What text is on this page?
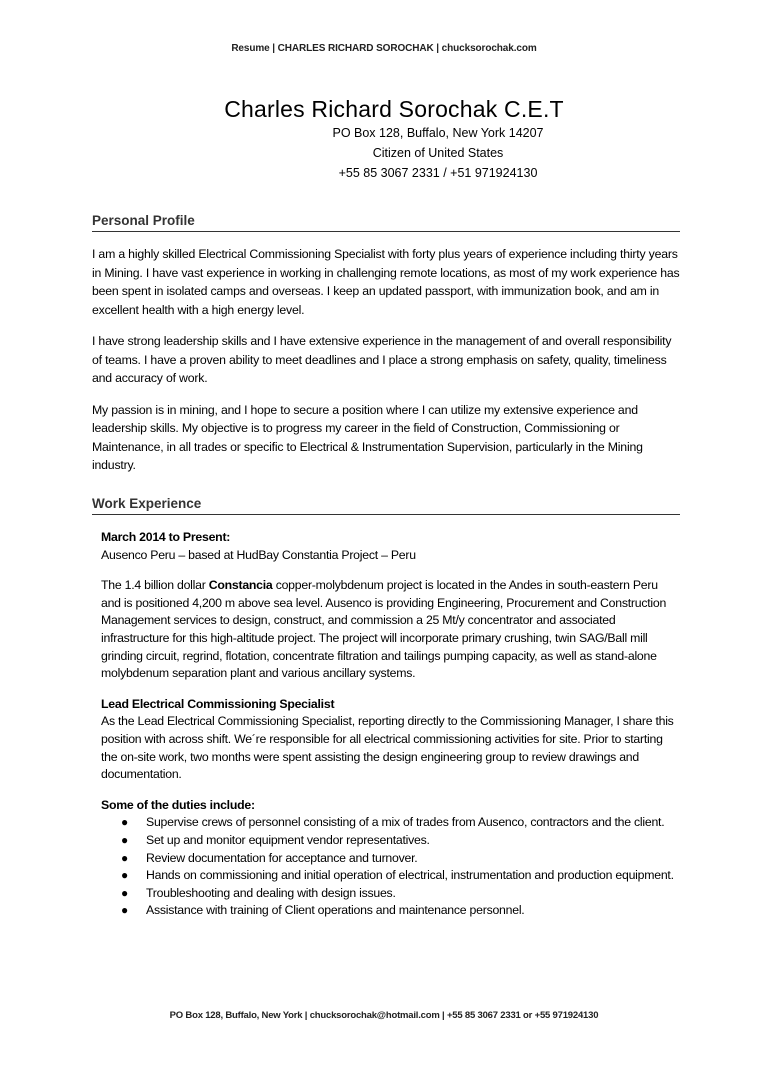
Resume | CHARLES RICHARD SOROCHAK | chucksorochak.com
Charles Richard Sorochak C.E.T
PO Box 128, Buffalo, New York 14207
Citizen of United States
+55 85 3067 2331 / +51 971924130
Personal Profile

I am a highly skilled Electrical Commissioning Specialist with forty plus years of experience including thirty years in Mining. I have vast experience in working in challenging remote locations, as most of my work experience has been spent in isolated camps and overseas. I keep an updated passport, with immunization book, and am in excellent health with a high energy level.

I have strong leadership skills and I have extensive experience in the management of and overall responsibility of teams. I have a proven ability to meet deadlines and I place a strong emphasis on safety, quality, timeliness and accuracy of work.

My passion is in mining, and I hope to secure a position where I can utilize my extensive experience and leadership skills. My objective is to progress my career in the field of Construction, Commissioning or Maintenance, in all trades or specific to Electrical & Instrumentation Supervision, particularly in the Mining industry.

Work Experience
March 2014 to Present:

Ausenco Peru – based at HudBay Constantia Project – Peru

The 1.4 billion dollar Constancia copper-molybdenum project is located in the Andes in south-eastern Peru and is positioned 4,200 m above sea level. Ausenco is providing Engineering, Procurement and Construction Management services to design, construct, and commission a 25 Mt/y concentrator and associated infrastructure for this high-altitude project. The project will incorporate primary crushing, twin SAG/Ball mill grinding circuit, regrind, flotation, concentrate filtration and tailings pumping capacity, as well as stand-alone molybdenum separation plant and various ancillary systems.

Lead Electrical Commissioning Specialist

As the Lead Electrical Commissioning Specialist, reporting directly to the Commissioning Manager, I share this position with across shift. We´re responsible for all electrical commissioning activities for site. Prior to starting the on-site work, two months were spent assisting the design engineering group to review drawings and documentation.

Some of the duties include:
● Supervise crews of personnel consisting of a mix of trades from Ausenco, contractors and the client.
● Set up and monitor equipment vendor representatives.
● Review documentation for acceptance and turnover.
● Hands on commissioning and initial operation of electrical, instrumentation and production equipment.
● Troubleshooting and dealing with design issues.
● Assistance with training of Client operations and maintenance personnel.
PO Box 128, Buffalo, New York | chucksorochak@hotmail.com | +55 85 3067 2331 or +55 971924130
